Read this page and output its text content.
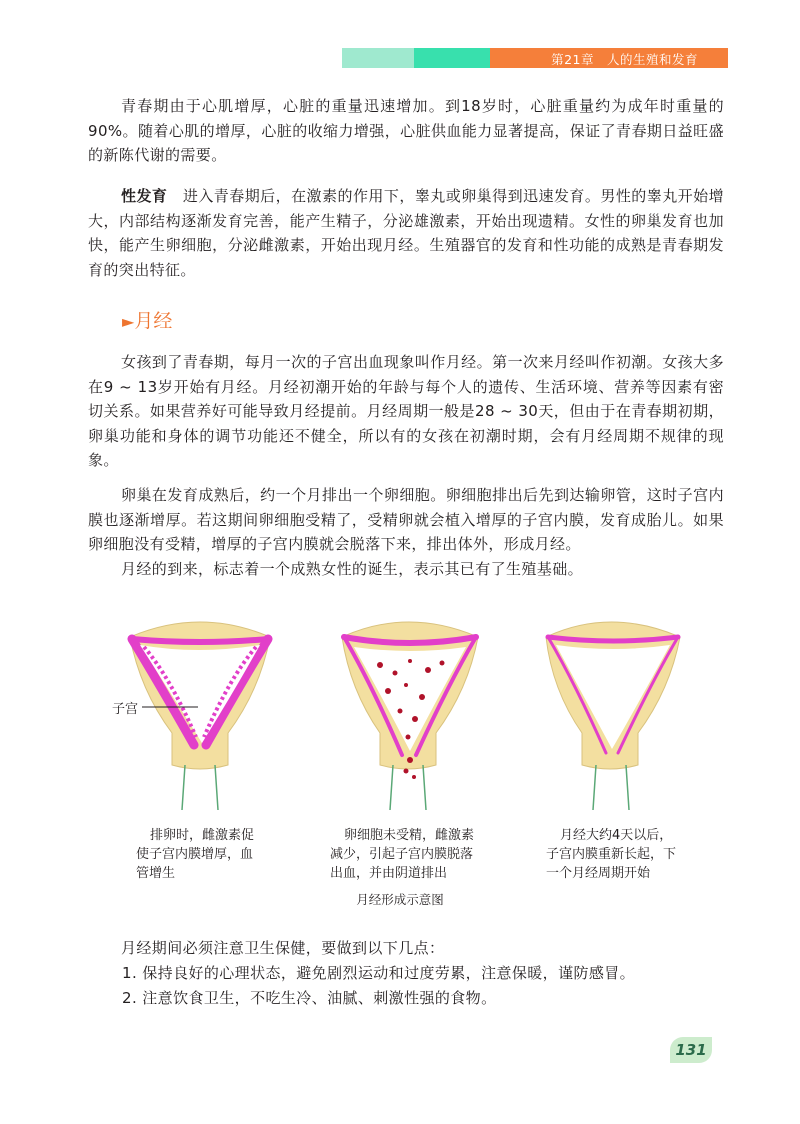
第21章　人的生殖和发育

青春期由于心肌增厚，心脏的重量迅速增加。到18岁时，心脏重量约为成年时重量的90%。随着心肌的增厚，心脏的收缩力增强，心脏供血能力显著提高，保证了青春期日益旺盛的新陈代谢的需要。

性发育　进入青春期后，在激素的作用下，睾丸或卵巢得到迅速发育。男性的睾丸开始增大，内部结构逐渐发育完善，能产生精子，分泌雄激素，开始出现遗精。女性的卵巢发育也加快，能产生卵细胞，分泌雌激素，开始出现月经。生殖器官的发育和性功能的成熟是青春期发育的突出特征。

►月经

女孩到了青春期，每月一次的子宫出血现象叫作月经。第一次来月经叫作初潮。女孩大多在9 ~ 13岁开始有月经。月经初潮开始的年龄与每个人的遗传、生活环境、营养等因素有密切关系。如果营养好可能导致月经提前。月经周期一般是28 ~ 30天，但由于在青春期初期，卵巢功能和身体的调节功能还不健全，所以有的女孩在初潮时期，会有月经周期不规律的现象。

卵巢在发育成熟后，约一个月排出一个卵细胞。卵细胞排出后先到达输卵管，这时子宫内膜也逐渐增厚。若这期间卵细胞受精了，受精卵就会植入增厚的子宫内膜，发育成胎儿。如果卵细胞没有受精，增厚的子宫内膜就会脱落下来，排出体外，形成月经。

月经的到来，标志着一个成熟女性的诞生，表示其已有了生殖基础。

子宫
排卵时，雌激素促
使子宫内膜增厚，血
管增生
卵细胞未受精，雌激素
减少，引起子宫内膜脱落
出血，并由阴道排出
月经大约4天以后，
子宫内膜重新长起，下
一个月经周期开始
月经形成示意图

月经期间必须注意卫生保健，要做到以下几点：

1. 保持良好的心理状态，避免剧烈运动和过度劳累，注意保暖，谨防感冒。
2. 注意饮食卫生，不吃生冷、油腻、刺激性强的食物。
131
